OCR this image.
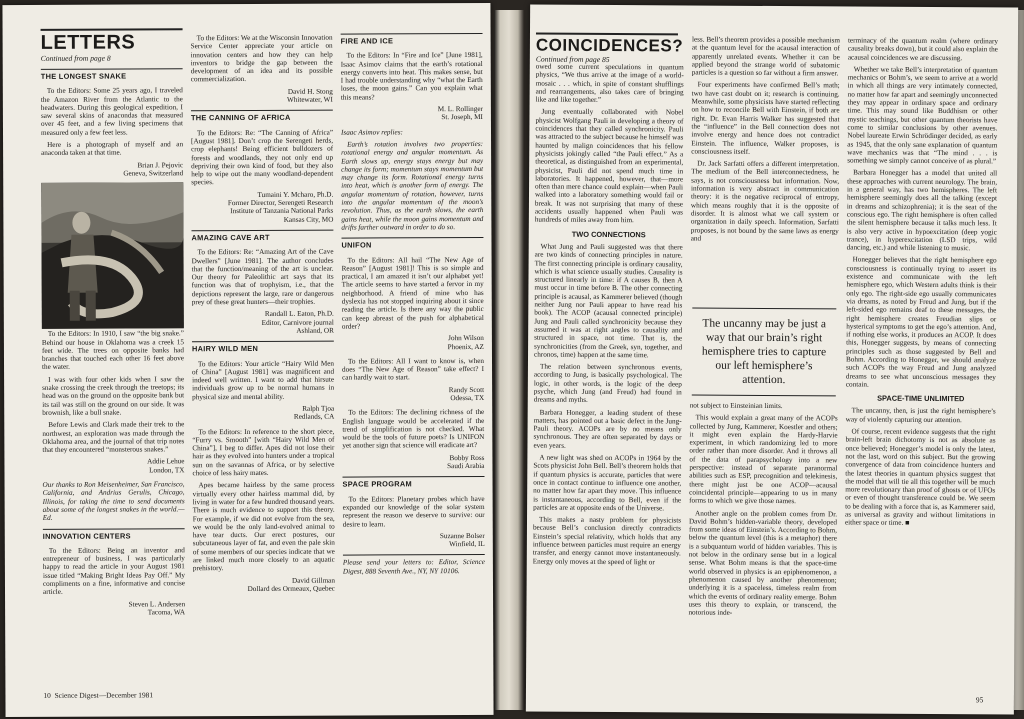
LETTERS
Continued from page 8
THE LONGEST SNAKE

To the Editors: Some 25 years ago, I traveled the Amazon River from the Atlantic to the headwaters. During this geological expedition, I saw several skins of anacondas that measured over 45 feet, and a few living specimens that measured only a few feet less.

Here is a photograph of myself and an anaconda taken at that time.

Brian J. Pejovic
Geneva, Switzerland

To the Editors: In 1910, I saw “the big snake.” Behind our house in Oklahoma was a creek 15 feet wide. The trees on opposite banks had branches that touched each other 16 feet above the water.

I was with four other kids when I saw the snake crossing the creek through the treetops; its head was on the ground on the opposite bank but its tail was still on the ground on our side. It was brownish, like a bull snake.

Before Lewis and Clark made their trek to the northwest, an exploration was made through the Oklahoma area, and the journal of that trip notes that they encountered “monsterous snakes.”

Addie Lehue
London, TX

Our thanks to Ron Meisenheimer, San Francisco, California, and Andrius Gerulis, Chicago, Illinois, for taking the time to send documents about some of the longest snakes in the world.—Ed.

INNOVATION CENTERS

To the Editors: Being an inventor and entrepreneur of business, I was particularly happy to read the article in your August 1981 issue titled “Making Bright Ideas Pay Off.” My compliments on a fine, informative and concise article.

Steven L. Andersen
Tacoma, WA

To the Editors: We at the Wisconsin Innovation Service Center appreciate your article on innovation centers and how they can help inventors to bridge the gap between the development of an idea and its possible commercialization.

David H. Stong
Whitewater, WI

THE CANNING OF AFRICA

To the Editors: Re: “The Canning of Africa” [August 1981]. Don’t crop the Serengeti herds, crop elephants! Being efficient bulldozers of forests and woodlands, they not only end up depriving their own kind of food, but they also help to wipe out the many woodland-dependent species.

Tumaini Y. Mcharo, Ph.D.
Former Director, Serengeti Research
Institute of Tanzania National Parks
Kansas City, MO

AMAZING CAVE ART

To the Editors: Re: “Amazing Art of the Cave Dwellers” [June 1981]. The author concludes that the function/meaning of the art is unclear. Our theory for Paleolithic art says that its function was that of trophyism, i.e., that the depictions represent the large, rare or dangerous prey of these great hunters—their trophies.

Randall L. Eaton, Ph.D.
Editor, Carnivore journal
Ashland, OR

HAIRY WILD MEN

To the Editors: Your article “Hairy Wild Men of China” [August 1981] was magnificent and indeed well written. I want to add that hirsute individuals grow up to be normal humans in physical size and mental ability.

Ralph Tjoa
Redlands, CA

To the Editors: In reference to the short piece, “Furry vs. Smooth” [with “Hairy Wild Men of China”], I beg to differ. Apes did not lose their hair as they evolved into hunters under a tropical sun on the savannas of Africa, or by selective choice of less hairy mates.

Apes became hairless by the same process virtually every other hairless mammal did, by living in water for a few hundred thousand years. There is much evidence to support this theory. For example, if we did not evolve from the sea, we would be the only land-evolved animal to have tear ducts. Our erect postures, our subcutaneous layer of fat, and even the pale skin of some members of our species indicate that we are linked much more closely to an aquatic prehistory.

David Gillman
Dollard des Ormeaux, Quebec

FIRE AND ICE

To the Editors: In “Fire and Ice” [June 1981], Isaac Asimov claims that the earth’s rotational energy converts into heat. This makes sense, but I had trouble understanding why “what the Earth loses, the moon gains.” Can you explain what this means?

M. L. Rollinger
St. Joseph, MI

Isaac Asimov replies:

Earth’s rotation involves two properties: rotational energy and angular momentum. As Earth slows up, energy stays energy but may change its form; momentum stays momentum but may change its form. Rotational energy turns into heat, which is another form of energy. The angular momentum of rotation, however, turns into the angular momentum of the moon’s revolution. Thus, as the earth slows, the earth gains heat, while the moon gains momentum and drifts farther outward in order to do so.

UNIFON

To the Editors: All hail “The New Age of Reason” [August 1981]! This is so simple and practical, I am amazed it isn’t our alphabet yet! The article seems to have started a fervor in my neighborhood. A friend of mine who has dyslexia has not stopped inquiring about it since reading the article. Is there any way the public can keep abreast of the push for alphabetical order?

John Wilson
Phoenix, AZ

To the Editors: All I want to know is, when does “The New Age of Reason” take effect? I can hardly wait to start.

Randy Scott
Odessa, TX

To the Editors: The declining richness of the English language would be accelerated if the trend of simplification is not checked. What would be the tools of future poets? Is UNIFON yet another sign that science will eradicate art?

Bobby Ross
Saudi Arabia

SPACE PROGRAM

To the Editors: Planetary probes which have expanded our knowledge of the solar system represent the reason we deserve to survive: our desire to learn.

Suzanne Bolser
Winfield, IL

Please send your letters to: Editor, Science Digest, 888 Seventh Ave., NY, NY 10106.

10 Science Digest—December 1981
COINCIDENCES?
Continued from page 85

owed some current speculations in quantum physics, “We thus arrive at the image of a world-mosaic . . . which, in spite of constant shufflings and rearrangements, also takes care of bringing like and like together.”

Jung eventually collaborated with Nobel physicist Wolfgang Pauli in developing a theory of coincidences that they called synchronicity. Pauli was attracted to the subject because he himself was haunted by malign coincidences that his fellow physicists jokingly called “the Pauli effect.” As a theoretical, as distinguished from an experimental, physicist, Pauli did not spend much time in laboratories. It happened, however, that—more often than mere chance could explain—when Pauli walked into a laboratory something would fail or break. It was not surprising that many of these accidents usually happened when Pauli was hundreds of miles away from him.

TWO CONNECTIONS

What Jung and Pauli suggested was that there are two kinds of connecting principles in nature. The first connecting principle is ordinary causality, which is what science usually studies. Causality is structured linearly in time: if A causes B, then A must occur in time before B. The other connecting principle is acausal, as Kammerer believed (though neither Jung nor Pauli appear to have read his book). The ACOP (acausal connected principle) Jung and Pauli called synchronicity because they assumed it was at right angles to causality and structured in space, not time. That is, the synchronicities (from the Greek, syn, together, and chronos, time) happen at the same time.

The relation between synchronous events, according to Jung, is basically psychological. The logic, in other words, is the logic of the deep psyche, which Jung (and Freud) had found in dreams and myths.

Barbara Honegger, a leading student of these matters, has pointed out a basic defect in the Jung-Pauli theory. ACOPs are by no means only synchronous. They are often separated by days or even years.

A new light was shed on ACOPs in 1964 by the Scots physicist John Bell. Bell’s theorem holds that if quantum physics is accurate, particles that were once in contact continue to influence one another, no matter how far apart they move. This influence is instantaneous, according to Bell, even if the particles are at opposite ends of the Universe.

This makes a nasty problem for physicists because Bell’s conclusion directly contradicts Einstein’s special relativity, which holds that any influence between particles must require an energy transfer, and energy cannot move instantaneously. Energy only moves at the speed of light or

less. Bell’s theorem provides a possible mechanism at the quantum level for the acausal interaction of apparently unrelated events. Whether it can be applied beyond the strange world of subatomic particles is a question so far without a firm answer.

Four experiments have confirmed Bell’s math; two have cast doubt on it; research is continuing. Meanwhile, some physicists have started reflecting on how to reconcile Bell with Einstein, if both are right. Dr. Evan Harris Walker has suggested that the “influence” in the Bell connection does not involve energy and hence does not contradict Einstein. The influence, Walker proposes, is consciousness itself.

Dr. Jack Sarfatti offers a different interpretation. The medium of the Bell interconnectedness, he says, is not consciousness but information. Now, information is very abstract in communication theory: it is the negative reciprocal of entropy, which means roughly that it is the opposite of disorder. It is almost what we call system or organization in daily speech. Information, Sarfatti proposes, is not bound by the same laws as energy and

The uncanny may be just a way that our brain’s right hemisphere tries to capture our left hemisphere’s attention.

not subject to Einsteinian limits.

This would explain a great many of the ACOPs collected by Jung, Kammerer, Koestler and others; it might even explain the Hardy-Harvie experiment, in which randomizing led to more order rather than more disorder. And it throws all of the data of parapsychology into a new perspective: instead of separate paranormal abilities such as ESP, precognition and telekinesis, there might just be one ACOP—acausal coincidental principle—appearing to us in many forms to which we give those names.

Another angle on the problem comes from Dr. David Bohm’s hidden-variable theory, developed from some ideas of Einstein’s. According to Bohm, below the quantum level (this is a metaphor) there is a subquantum world of hidden variables. This is not below in the ordinary sense but in a logical sense. What Bohm means is that the space-time world observed in physics is an epiphenomenon, a phenomenon caused by another phenomenon; underlying it is a spaceless, timeless realm from which the events of ordinary reality emerge. Bohm uses this theory to explain, or transcend, the notorious inde-

terminacy of the quantum realm (where ordinary causality breaks down), but it could also explain the acausal coincidences we are discussing.

Whether we take Bell’s interpretation of quantum mechanics or Bohm’s, we seem to arrive at a world in which all things are very intimately connected, no matter how far apart and seemingly unconnected they may appear in ordinary space and ordinary time. This may sound like Buddhism or other mystic teachings, but other quantum theorists have come to similar conclusions by other avenues. Nobel laureate Erwin Schrödinger decided, as early as 1945, that the only sane explanation of quantum wave mechanics was that “The mind . . . is something we simply cannot conceive of as plural.”

Barbara Honegger has a model that united all these approaches with current neurology. The brain, in a general way, has two hemispheres. The left hemisphere seemingly does all the talking (except in dreams and schizophrenia); it is the seat of the conscious ego. The right hemisphere is often called the silent hemisphere because it talks much less. It is also very active in hypoexcitation (deep yogic trance), in hyperexcitation (LSD trips, wild dancing, etc.) and while listening to music.

Honegger believes that the right hemisphere ego consciousness is continually trying to assert its existence and communicate with the left hemisphere ego, which Western adults think is their only ego. The right-side ego usually communicates via dreams, as noted by Freud and Jung, but if the left-sided ego remains deaf to these messages, the right hemisphere creates Freudian slips or hysterical symptoms to get the ego’s attention. And, if nothing else works, it produces an ACOP. It does this, Honegger suggests, by means of connecting principles such as those suggested by Bell and Bohm. According to Honegger, we should analyze such ACOPs the way Freud and Jung analyzed dreams to see what unconscious messages they contain.

SPACE-TIME UNLIMITED

The uncanny, then, is just the right hemisphere’s way of violently capturing our attention.

Of course, recent evidence suggests that the right brain-left brain dichotomy is not as absolute as once believed; Honegger’s model is only the latest, not the last, word on this subject. But the growing convergence of data from coincidence hunters and the latest theories in quantum physics suggest that the model that will tie all this together will be much more revolutionary than proof of ghosts or of UFOs or even of thought transference could be. We seem to be dealing with a force that is, as Kammerer said, as universal as gravity and without limitations in either space or time. ■

95
